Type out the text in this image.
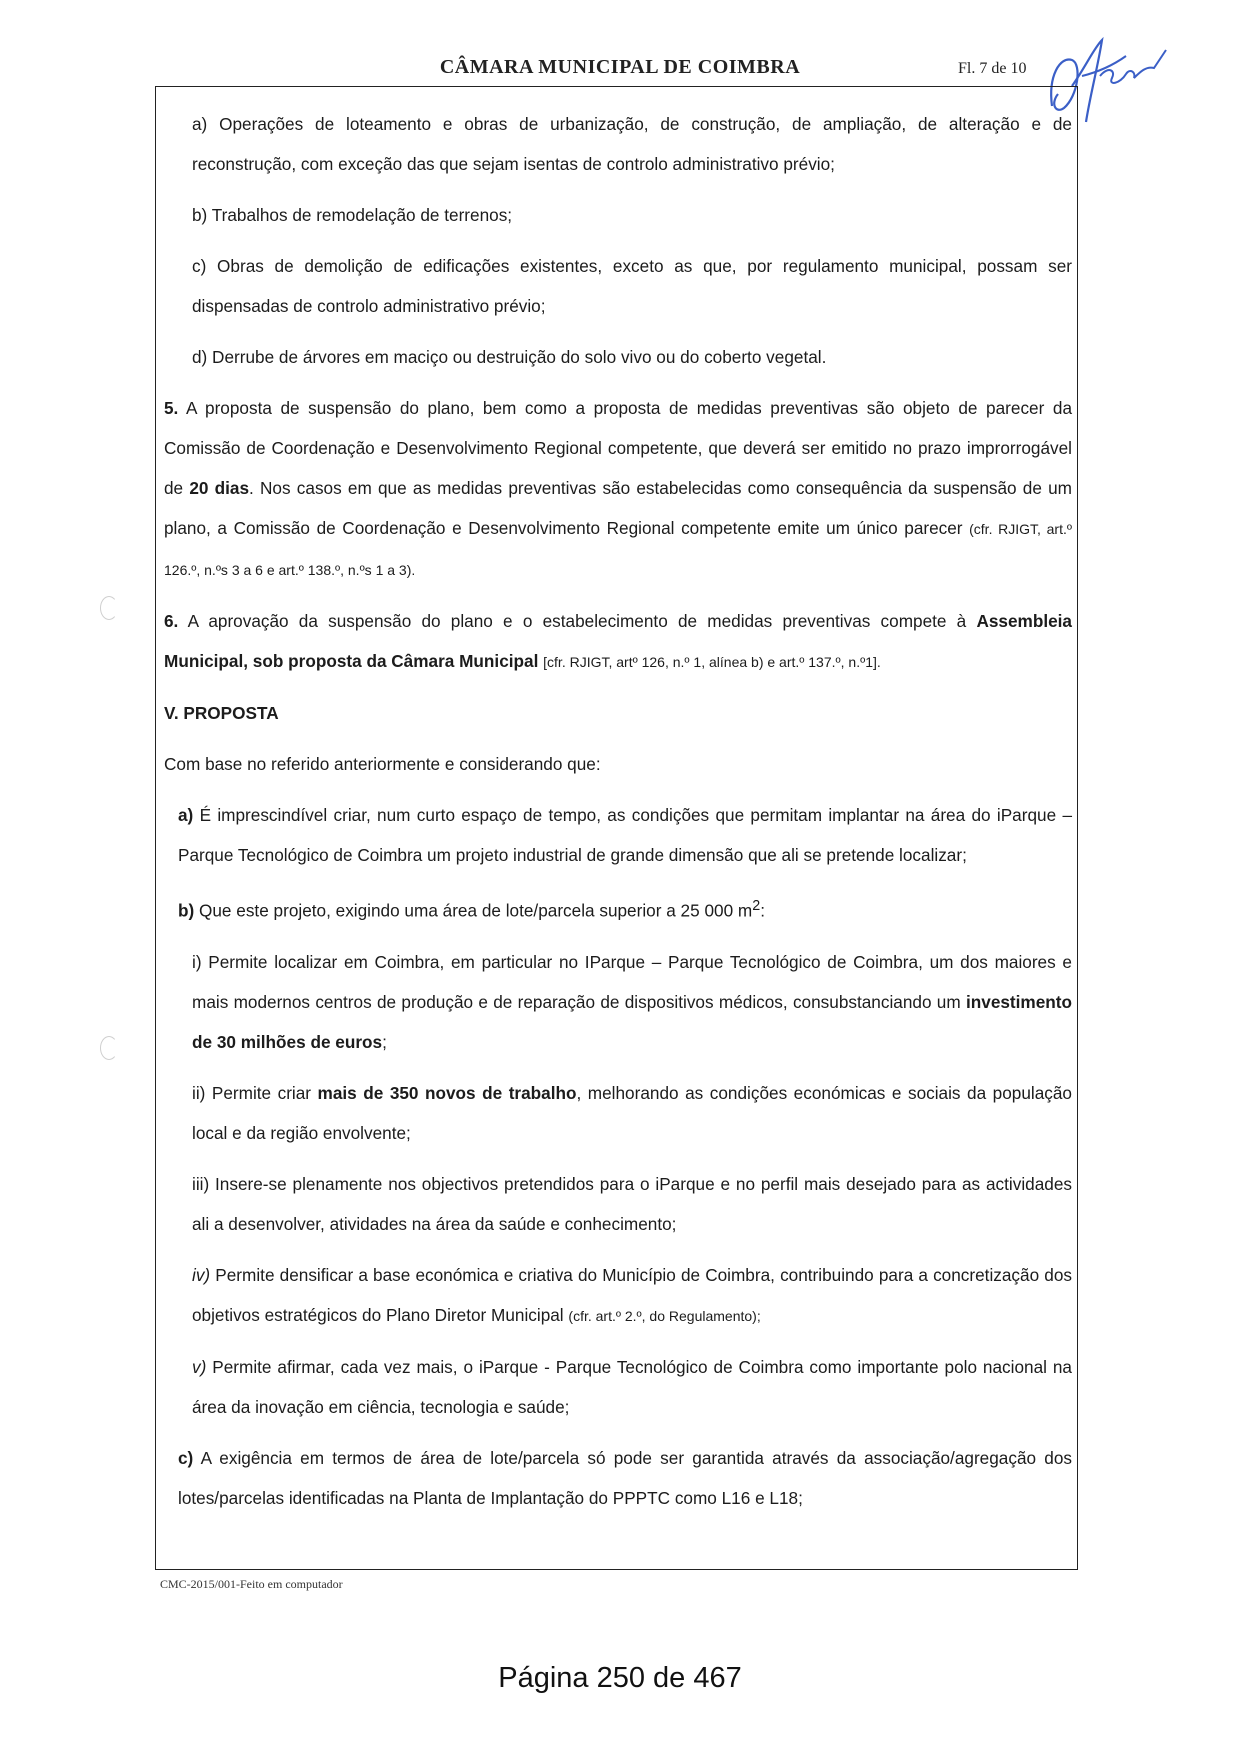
CÂMARA MUNICIPAL DE COIMBRA	Fl. 7 de 10

a) Operações de loteamento e obras de urbanização, de construção, de ampliação, de alteração e de reconstrução, com exceção das que sejam isentas de controlo administrativo prévio;

b) Trabalhos de remodelação de terrenos;

c) Obras de demolição de edificações existentes, exceto as que, por regulamento municipal, possam ser dispensadas de controlo administrativo prévio;

d) Derrube de árvores em maciço ou destruição do solo vivo ou do coberto vegetal.

5. A proposta de suspensão do plano, bem como a proposta de medidas preventivas são objeto de parecer da Comissão de Coordenação e Desenvolvimento Regional competente, que deverá ser emitido no prazo improrrogável de 20 dias. Nos casos em que as medidas preventivas são estabelecidas como consequência da suspensão de um plano, a Comissão de Coordenação e Desenvolvimento Regional competente emite um único parecer (cfr. RJIGT, art.º 126.º, n.ºs 3 a 6 e art.º 138.º, n.ºs 1 a 3).

6. A aprovação da suspensão do plano e o estabelecimento de medidas preventivas compete à Assembleia Municipal, sob proposta da Câmara Municipal [cfr. RJIGT, artº 126, n.º 1, alínea b) e art.º 137.º, n.º1].

V. PROPOSTA

Com base no referido anteriormente e considerando que:

a) É imprescindível criar, num curto espaço de tempo, as condições que permitam implantar na área do iParque – Parque Tecnológico de Coimbra um projeto industrial de grande dimensão que ali se pretende localizar;

b) Que este projeto, exigindo uma área de lote/parcela superior a 25 000 $m^2$:

i) Permite localizar em Coimbra, em particular no IParque – Parque Tecnológico de Coimbra, um dos maiores e mais modernos centros de produção e de reparação de dispositivos médicos, consubstanciando um investimento de 30 milhões de euros;

ii) Permite criar mais de 350 novos de trabalho, melhorando as condições económicas e sociais da população local e da região envolvente;

iii) Insere-se plenamente nos objectivos pretendidos para o iParque e no perfil mais desejado para as actividades ali a desenvolver, atividades na área da saúde e conhecimento;

iv) Permite densificar a base económica e criativa do Município de Coimbra, contribuindo para a concretização dos objetivos estratégicos do Plano Diretor Municipal (cfr. art.º 2.º, do Regulamento);

v) Permite afirmar, cada vez mais, o iParque - Parque Tecnológico de Coimbra como importante polo nacional na área da inovação em ciência, tecnologia e saúde;

c) A exigência em termos de área de lote/parcela só pode ser garantida através da associação/agregação dos lotes/parcelas identificadas na Planta de Implantação do PPPTC como L16 e L18;

CMC-2015/001-Feito em computador
Página 250 de 467
